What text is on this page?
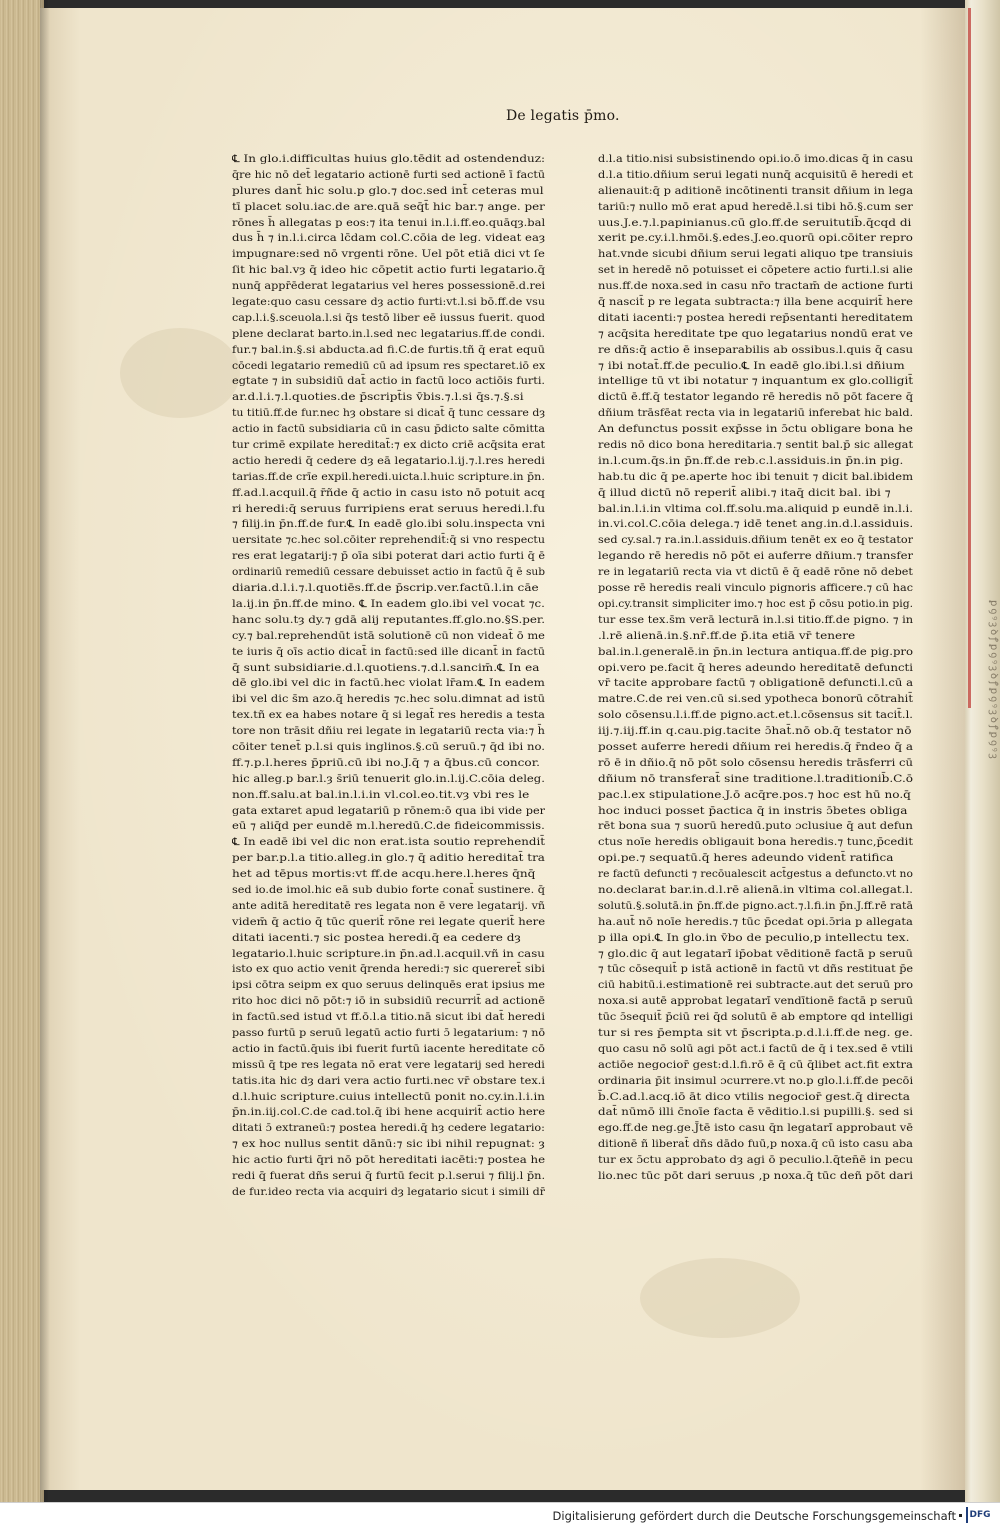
ꝑꝯꝰꝫꝺꝭꝑꝯꝰꝫꝺꝭꝑꝯꝰꝫꝺꝭꝑꝯꝰꝫ
De legatis p̄mo.
℄ In glo.i.difficultas huius glo.tēdit ad ostendenduz:
q̄re hic nō det̄ legatario actionē furti sed actionē ī factū
plures dant̄ hic solu.p glo.⁊ doc.sed int̄ ceteras mul
tī placet solu.iac.de are.quā seq̄t̄ hic bar.⁊ ange. per
rōnes h̄ allegatas p eos:⁊ ita tenui in.l.i.ff.eo.quāqȝ.bal
dus h̄ ⁊ in.l.i.circa lc̄dam col.C.cōia de leg. videat eaȝ
impugnare:sed nō vrgenti rōne. Uel pōt etiā dici vt ſe
ſit hic bal.vȝ q̄ ideo hic cōpetit actio furti legatario.q̄
nunq̄ appr̄ēderat legatarius vel heres possessionē.d.rei
legate:quo casu cessare dȝ actio furti:vt.l.si bō.ff.de vsu
cap.l.i.§.sceuola.l.si q̄s testō liber eē iussus fuerit. quod
plene declarat barto.in.l.sed nec legatarius.ff.de condi.
fur.⁊ bal.in.§.si abducta.ad fi.C.de furtis.tñ q̄ erat equū
cōcedi legatario remediū cū ad ipsum res spectaret.iō ex
egtate ⁊ in subsidiū dat̄ actio in factū loco actiōis furti.
ar.d.l.i.⁊.l.quoties.de p̄script̄is v̄bis.⁊.l.si q̄s.⁊.§.si
tu titiū.ff.de fur.nec hȝ obstare si dicat̄ q̄ tunc cessare dȝ
actio in factū subsidiaria cū in casu p̄dicto salte cōmitta
tur crimē expilate hereditat̄:⁊ ex dicto criē acq̄sita erat
actio heredi q̄ cedere dȝ eā legatario.l.ij.⁊.l.res heredi
tarias.ff.de crīe expil.heredi.uicta.l.huic scripture.in p̄n.
ff.ad.l.acquil.q̄ r̄ñde q̄ actio in casu isto nō potuit acq
ri heredi:q̄ seruus furripiens erat seruus heredi.l.fu
⁊ filij.in p̄n.ff.de fur.℄ In eadē glo.ibi solu.inspecta vni
uersitate ⁊c.hec sol.cōiter reprehendit̄:q̄ si vno respectu
res erat legatarij:⁊ p̄ oīa sibi poterat dari actio furti q̄ ē
ordinariū remediū cessare debuisset actio in factū q̄ ē sub
diaria.d.l.i.⁊.l.quotiēs.ff.de p̄scrip.ver.factū.l.in cāe
la.ij.in p̄n.ff.de mino. ℄ In eadem glo.ibi vel vocat ⁊c.
hanc solu.tȝ dy.⁊ gdā alij reputantes.ff.glo.no.§S.per.
cy.⁊ bal.reprehendūt istā solutionē cū non videat̄ ō me
te iuris q̄ oīs actio dicat̄ in factū:sed ille dicant̄ in factū
q̄ sunt subsidiarie.d.l.quotiens.⁊.d.l.sancim̄.℄ In ea
dē glo.ibi vel dic in factū.hec violat lr̄am.℄ In eadem
ibi vel dic s̄m azo.q̄ heredis ⁊c.hec solu.dimnat ad istū
tex.tñ ex ea habes notare q̄ si legat̄ res heredis a testa
tore non trāsit dñiu rei legate in legatariū recta via:⁊ h̄
cōiter tenet̄ p.l.si quis inglinos.§.cū seruū.⁊ q̄d ibi no.
ff.⁊.p.l.heres p̄priū.cū ibi no.J.q̄ ⁊ a q̄bus.cū concor.
hic alleg.p bar.l.ȝ s̄riū tenuerit glo.in.l.ij.C.cōia deleg.
non.ff.salu.at bal.in.l.i.in vl.col.eo.tit.vȝ vbi res le
gata extaret apud legatariū p rōnem:ō qua ibi vide per
eū ⁊ aliq̄d per eundē m.l.heredū.C.de fideicommissis.
℄ In eadē ibi vel dic non erat.ista soutio reprehendit̄
per bar.p.l.a titio.alleg.in glo.⁊ q̄ aditio hereditat̄ tra
het ad tēpus mortis:vt ff.de acqu.here.l.heres q̄nq̄
sed io.de imol.hic eā sub dubio forte conat̄ sustinere. q̄
ante aditā hereditatē res legata non ē vere legatarij. vñ
videm̄ q̄ actio q̄ tūc querit̄ rōne rei legate querit̄ here
ditati iacenti.⁊ sic postea heredi.q̄ ea cedere dȝ
legatario.l.huic scripture.in p̄n.ad.l.acquil.vñ in casu
isto ex quo actio venit q̄renda heredi:⁊ sic quereret̄ sibi
ipsi cōtra seipm ex quo seruus delinquēs erat ipsius me
rito hoc dici nō pōt:⁊ iō in subsidiū recurrit̄ ad actionē
in factū.sed istud vt ff.ō.l.a titio.nā sicut ibi dat̄ heredi
passo furtū p seruū legatū actio furti ɔ̄ legatarium: ⁊ nō
actio in factū.q̄uis ibi fuerit furtū iacente hereditate cō
missū q̄ tpe res legata nō erat vere legatarij sed heredi
tatis.ita hic dȝ dari vera actio furti.nec vr̄ obstare tex.i
d.l.huic scripture.cuius intellectū ponit no.cy.in.l.i.in
p̄n.in.iij.col.C.de cad.tol.q̄ ibi hene acquirit̄ actio here
ditati ɔ̄ extraneū:⁊ postea heredi.q̄ hȝ cedere legatario:
⁊ ex hoc nullus sentit dānū:⁊ sic ibi nihil repugnat: ȝ
hic actio furti q̄ri nō pōt hereditati iacēti:⁊ postea he
redi q̄ fuerat dñs serui q̄ furtū fecit p.l.serui ⁊ filij.l p̄n.
de fur.ideo recta via acquiri dȝ legatario sicut i simili dr̄
d.l.a titio.nisi subsistinendo opi.io.ō imo.dicas q̄ in casu
d.l.a titio.dñium serui legati nunq̄ acquisitū ē heredi et
alienauit:q̄ p aditionē incōtinenti transit dñium in lega
tariū:⁊ nullo mō erat apud heredē.l.si tibi hō.§.cum ser
uus.J.e.⁊.l.papinianus.cū glo.ff.de seruitutib̄.q̄cqd di
xerit pe.cy.i.l.hmōi.§.edes.J.eo.quorū opi.cōiter repro
hat.vnde sicubi dñium serui legati aliquo tpe transiuis
set in heredē nō potuisset ei cōpetere actio furti.l.si alie
nus.ff.de noxa.sed in casu nr̄o tractam̄ de actione furti
q̄ nascit̄ p re legata subtracta:⁊ illa bene acquirit̄ here
ditati iacenti:⁊ postea heredi rep̄sentanti hereditatem
⁊ acq̄sita hereditate tpe quo legatarius nondū erat ve
re dñs:q̄ actio ē inseparabilis ab ossibus.l.quis q̄ casu
⁊ ibi notat̄.ff.de peculio.℄ In eadē glo.ibi.l.si dñium
intellige tū vt ibi notatur ⁊ inquantum ex glo.colligit̄
dictū ē.ff.q̄ testator legando rē heredis nō pōt facere q̄
dñium trāsfēat recta via in legatariū inferebat hic bald.
An defunctus possit exp̄sse in ɔ̄ctu obligare bona he
redis nō dico bona hereditaria.⁊ sentit bal.p̄ sic allegat
in.l.cum.q̄s.in p̄n.ff.de reb.c.l.assiduis.in p̄n.in pig.
hab.tu dic q̄ pe.aperte hoc ibi tenuit ⁊ dicit bal.ibidem
q̄ illud dictū nō reperit̄ alibi.⁊ itaq̄ dicit bal. ibi ⁊
bal.in.l.i.in vltima col.ff.solu.ma.aliquid p eundē in.l.i.
in.vi.col.C.cōia delega.⁊ idē tenet ang.in.d.l.assiduis.
sed cy.sal.⁊ ra.in.l.assiduis.dñium tenēt ex eo q̄ testator
legando rē heredis nō pōt ei auferre dñium.⁊ transfer
re in legatariū recta via vt dictū ē q̄ eadē rōne nō debet
posse rē heredis reali vinculo pignoris afficere.⁊ cū hac
opi.cy.transit simpliciter imo.⁊ hoc est p̄ cōsu potio.in pig.
tur esse tex.s̄m verā lecturā in.l.si titio.ff.de pigno. ⁊ in
.l.rē alienā.in.§.nr̄.ff.de p̄.ita etiā vr̄ tenere
bal.in.l.generalē.in p̄n.in lectura antiqua.ff.de pig.pro
opi.vero pe.facit q̄ heres adeundo hereditatē defuncti
vr̄ tacite approbare factū ⁊ obligationē defuncti.l.cū a
matre.C.de rei ven.cū si.sed ypotheca bonorū cōtrahit̄
solo cōsensu.l.i.ff.de pigno.act.et.l.cōsensus sit tacit̄.l.
iij.⁊.iij.ff.in q.cau.pig.tacite ɔ̄hat̄.nō ob.q̄ testator nō
posset auferre heredi dñium rei heredis.q̄ r̄ndeo q̄ a
rō ē in dñio.q̄ nō pōt solo cōsensu heredis trāsferri cū
dñium nō transferat̄ sine traditione.l.traditionib̄.C.ō
pac.l.ex stipulatione.J.ō acq̄re.pos.⁊ hoc est hū no.q̄
hoc induci posset p̄actica q̄ in instris ɔ̄betes obliga
rēt bona sua ⁊ suorū heredū.puto ɔclusiue q̄ aut defun
ctus noīe heredis obligauit bona heredis.⁊ tunc,p̄cedit
opi.pe.⁊ sequatū.q̄ heres adeundo vident̄ ratifica
re factū defuncti ⁊ recōualescit act̄gestus a defuncto.vt no
no.declarat bar.in.d.l.rē alienā.in vltima col.allegat.l.
solutū.§.solutā.in p̄n.ff.de pigno.act.⁊.l.fi.in p̄n.J.ff.rē ratā
ha.aut̄ nō noīe heredis.⁊ tūc p̄cedat opi.ɔ̄ria p allegata
p illa opi.℄ In glo.in v̄bo de peculio,p intellectu tex.
⁊ glo.dic q̄ aut legatari̇̄ ip̄obat vēditionē factā p seruū
⁊ tūc cōsequit̄ p istā actionē in factū vt dñs restituat p̄e
ciū habitū.i.estimationē rei subtracte.aut det seruū pro
noxa.si autē approbat legatari̇̄ vendītionē factā p seruū
tūc ɔ̄sequit̄ p̄ciū rei q̄d solutū ē ab emptore qd intelligi
tur si res p̄empta sit vt p̄scripta.p.d.l.i.ff.de neg. ge.
quo casu nō solū agi pōt act.i factū de q̄ i tex.sed ē vtili
actiōe negocior̄ gest:d.l.fi.rō ē q̄ cū q̄libet act.fit extra
ordinaria p̄it insimul ɔcurrere.vt no.p glo.l.i.ff.de pecōi
b̄.C.ad.l.acq.iō āt dico vtilis negocior̄ gest.q̄ directa
dat̄ nūmō illi c̄noīe facta ē vēditio.l.si pupilli.§. sed si
ego.ff.de neg.ge.J̄tē isto casu q̄n legatari̇̄ approbaut vē
ditionē ñ liberat̄ dñs dādo fuū,p noxa.q̄ cū isto casu aba
tur ex ɔ̄ctu approbato dȝ agi ō peculio.l.q̄ten̄ē in pecu
lio.nec tūc pōt dari seruus ,p noxa.q̄ tūc deñ pōt dari
Digitalisierung gefördert durch die Deutsche Forschungsgemeinschaft	DFG
